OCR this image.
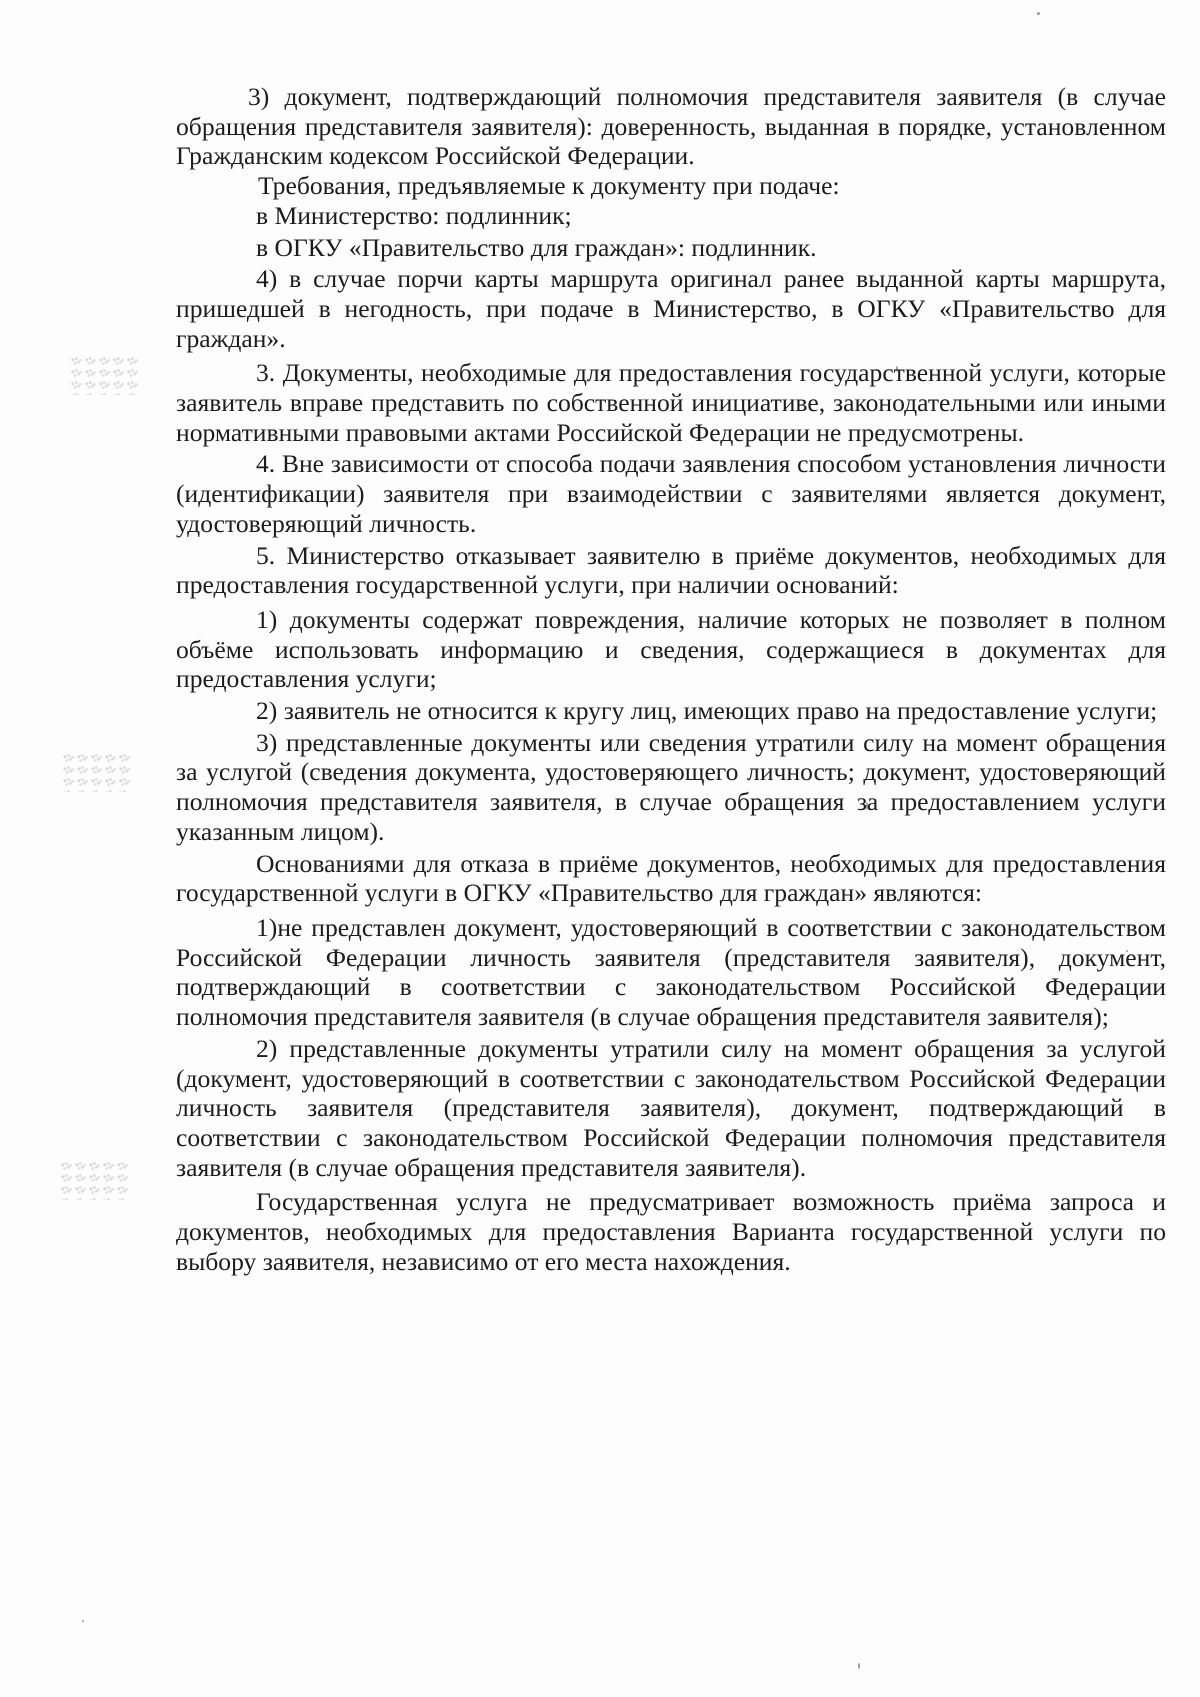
3) документ, подтверждающий полномочия представителя заявителя (в случае обращения представителя заявителя): доверенность, выданная в порядке, установленном Гражданским кодексом Российской Федерации.

Требования, предъявляемые к документу при подаче:

в Министерство: подлинник;

в ОГКУ «Правительство для граждан»: подлинник.

4) в случае порчи карты маршрута оригинал ранее выданной карты маршрута, пришедшей в негодность, при подаче в Министерство, в ОГКУ «Правительство для граждан».

3. Документы, необходимые для предоставления государственной услуги, которые заявитель вправе представить по собственной инициативе, законодательными или иными нормативными правовыми актами Российской Федерации не предусмотрены.

4. Вне зависимости от способа подачи заявления способом установления личности (идентификации) заявителя при взаимодействии с заявителями является документ, удостоверяющий личность.

5. Министерство отказывает заявителю в приёме документов, необходимых для предоставления государственной услуги, при наличии оснований:

1) документы содержат повреждения, наличие которых не позволяет в полном объёме использовать информацию и сведения, содержащиеся в документах для предоставления услуги;

2) заявитель не относится к кругу лиц, имеющих право на предоставление услуги;

3) представленные документы или сведения утратили силу на момент обращения за услугой (сведения документа, удостоверяющего личность; документ, удостоверяющий полномочия представителя заявителя, в случае обращения за предоставлением услуги указанным лицом).

Основаниями для отказа в приёме документов, необходимых для предоставления государственной услуги в ОГКУ «Правительство для граждан» являются:

1)не представлен документ, удостоверяющий в соответствии с законодательством Российской Федерации личность заявителя (представителя заявителя), документ, подтверждающий в соответствии с законодательством Российской Федерации полномочия представителя заявителя (в случае обращения представителя заявителя);

2) представленные документы утратили силу на момент обращения за услугой (документ, удостоверяющий в соответствии с законодательством Российской Федерации личность заявителя (представителя заявителя), документ, подтверждающий в соответствии с законодательством Российской Федерации полномочия представителя заявителя (в случае обращения представителя заявителя).

Государственная услуга не предусматривает возможность приёма запроса и документов, необходимых для предоставления Варианта государственной услуги по выбору заявителя, независимо от его места нахождения.
